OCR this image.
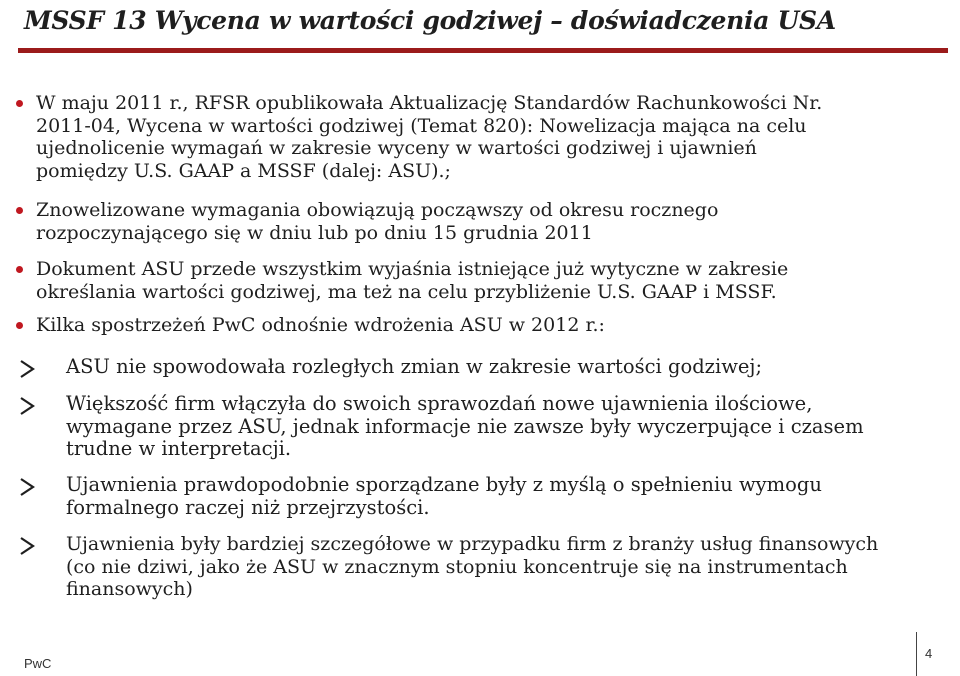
MSSF 13 Wycena w wartości godziwej – doświadczenia USA
W maju 2011 r., RFSR opublikowała Aktualizację Standardów Rachunkowości Nr.
2011-04, Wycena w wartości godziwej (Temat 820): Nowelizacja mająca na celu
ujednolicenie wymagań w zakresie wyceny w wartości godziwej i ujawnień
pomiędzy U.S. GAAP a MSSF (dalej: ASU).;
Znowelizowane wymagania obowiązują począwszy od okresu rocznego
rozpoczynającego się w dniu lub po dniu 15 grudnia 2011
Dokument ASU przede wszystkim wyjaśnia istniejące już wytyczne w zakresie
określania wartości godziwej, ma też na celu przybliżenie U.S. GAAP i MSSF.
Kilka spostrzeżeń PwC odnośnie wdrożenia ASU w 2012 r.:
ASU nie spowodowała rozległych zmian w zakresie wartości godziwej;
Większość firm włączyła do swoich sprawozdań nowe ujawnienia ilościowe,
wymagane przez ASU, jednak informacje nie zawsze były wyczerpujące i czasem
trudne w interpretacji.
Ujawnienia prawdopodobnie sporządzane były z myślą o spełnieniu wymogu
formalnego raczej niż przejrzystości.
Ujawnienia były bardziej szczegółowe w przypadku firm z branży usług finansowych
(co nie dziwi, jako że ASU w znacznym stopniu koncentruje się na instrumentach
finansowych)
PwC
4
